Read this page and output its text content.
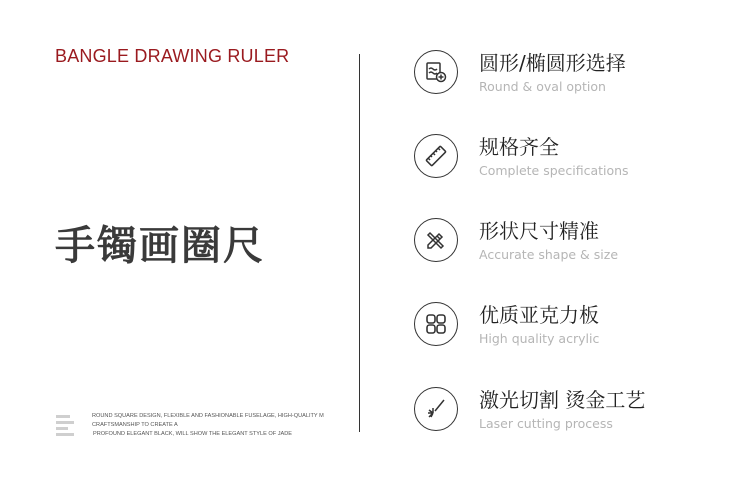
BANGLE DRAWING RULER
手镯画圈尺
ROUND SQUARE DESIGN, FLEXIBLE AND FASHIONABLE FUSELAGE, HIGH-QUALITY M
CRAFTSMANSHIP TO CREATE A
PROFOUND ELEGANT BLACK, WILL SHOW THE ELEGANT STYLE OF JADE
圆形/椭圆形选择
Round & oval option
规格齐全
Complete specifications
形状尺寸精准
Accurate shape & size
优质亚克力板
High quality acrylic
激光切割 烫金工艺
Laser cutting process
